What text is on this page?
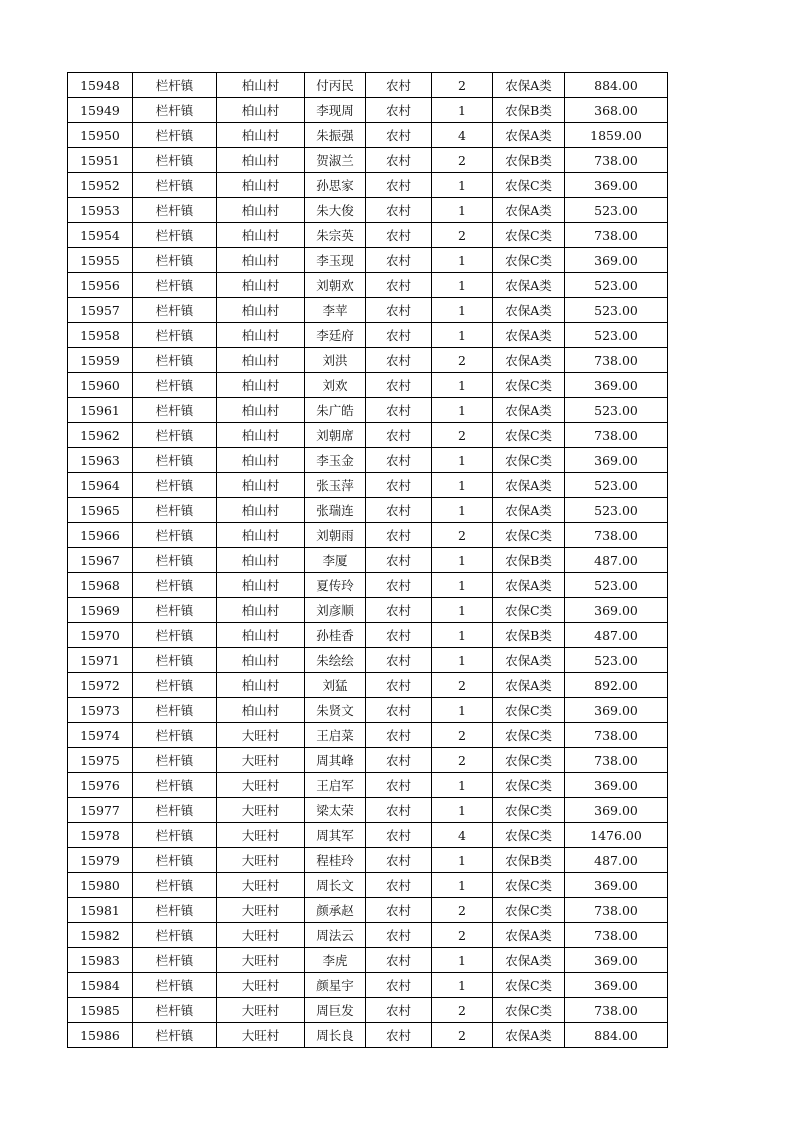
15948	栏杆镇	柏山村	付丙民	农村	2	农保A类	884.00
15949	栏杆镇	柏山村	李现周	农村	1	农保B类	368.00
15950	栏杆镇	柏山村	朱振强	农村	4	农保A类	1859.00
15951	栏杆镇	柏山村	贺淑兰	农村	2	农保B类	738.00
15952	栏杆镇	柏山村	孙思家	农村	1	农保C类	369.00
15953	栏杆镇	柏山村	朱大俊	农村	1	农保A类	523.00
15954	栏杆镇	柏山村	朱宗英	农村	2	农保C类	738.00
15955	栏杆镇	柏山村	李玉现	农村	1	农保C类	369.00
15956	栏杆镇	柏山村	刘朝欢	农村	1	农保A类	523.00
15957	栏杆镇	柏山村	李苹	农村	1	农保A类	523.00
15958	栏杆镇	柏山村	李廷府	农村	1	农保A类	523.00
15959	栏杆镇	柏山村	刘洪	农村	2	农保A类	738.00
15960	栏杆镇	柏山村	刘欢	农村	1	农保C类	369.00
15961	栏杆镇	柏山村	朱广皓	农村	1	农保A类	523.00
15962	栏杆镇	柏山村	刘朝席	农村	2	农保C类	738.00
15963	栏杆镇	柏山村	李玉金	农村	1	农保C类	369.00
15964	栏杆镇	柏山村	张玉萍	农村	1	农保A类	523.00
15965	栏杆镇	柏山村	张瑞连	农村	1	农保A类	523.00
15966	栏杆镇	柏山村	刘朝雨	农村	2	农保C类	738.00
15967	栏杆镇	柏山村	李厦	农村	1	农保B类	487.00
15968	栏杆镇	柏山村	夏传玲	农村	1	农保A类	523.00
15969	栏杆镇	柏山村	刘彦顺	农村	1	农保C类	369.00
15970	栏杆镇	柏山村	孙桂香	农村	1	农保B类	487.00
15971	栏杆镇	柏山村	朱绘绘	农村	1	农保A类	523.00
15972	栏杆镇	柏山村	刘猛	农村	2	农保A类	892.00
15973	栏杆镇	柏山村	朱贤文	农村	1	农保C类	369.00
15974	栏杆镇	大旺村	王启菜	农村	2	农保C类	738.00
15975	栏杆镇	大旺村	周其峰	农村	2	农保C类	738.00
15976	栏杆镇	大旺村	王启军	农村	1	农保C类	369.00
15977	栏杆镇	大旺村	梁太荣	农村	1	农保C类	369.00
15978	栏杆镇	大旺村	周其军	农村	4	农保C类	1476.00
15979	栏杆镇	大旺村	程桂玲	农村	1	农保B类	487.00
15980	栏杆镇	大旺村	周长文	农村	1	农保C类	369.00
15981	栏杆镇	大旺村	颜承赵	农村	2	农保C类	738.00
15982	栏杆镇	大旺村	周法云	农村	2	农保A类	738.00
15983	栏杆镇	大旺村	李虎	农村	1	农保A类	369.00
15984	栏杆镇	大旺村	颜星宇	农村	1	农保C类	369.00
15985	栏杆镇	大旺村	周巨发	农村	2	农保C类	738.00
15986	栏杆镇	大旺村	周长良	农村	2	农保A类	884.00
